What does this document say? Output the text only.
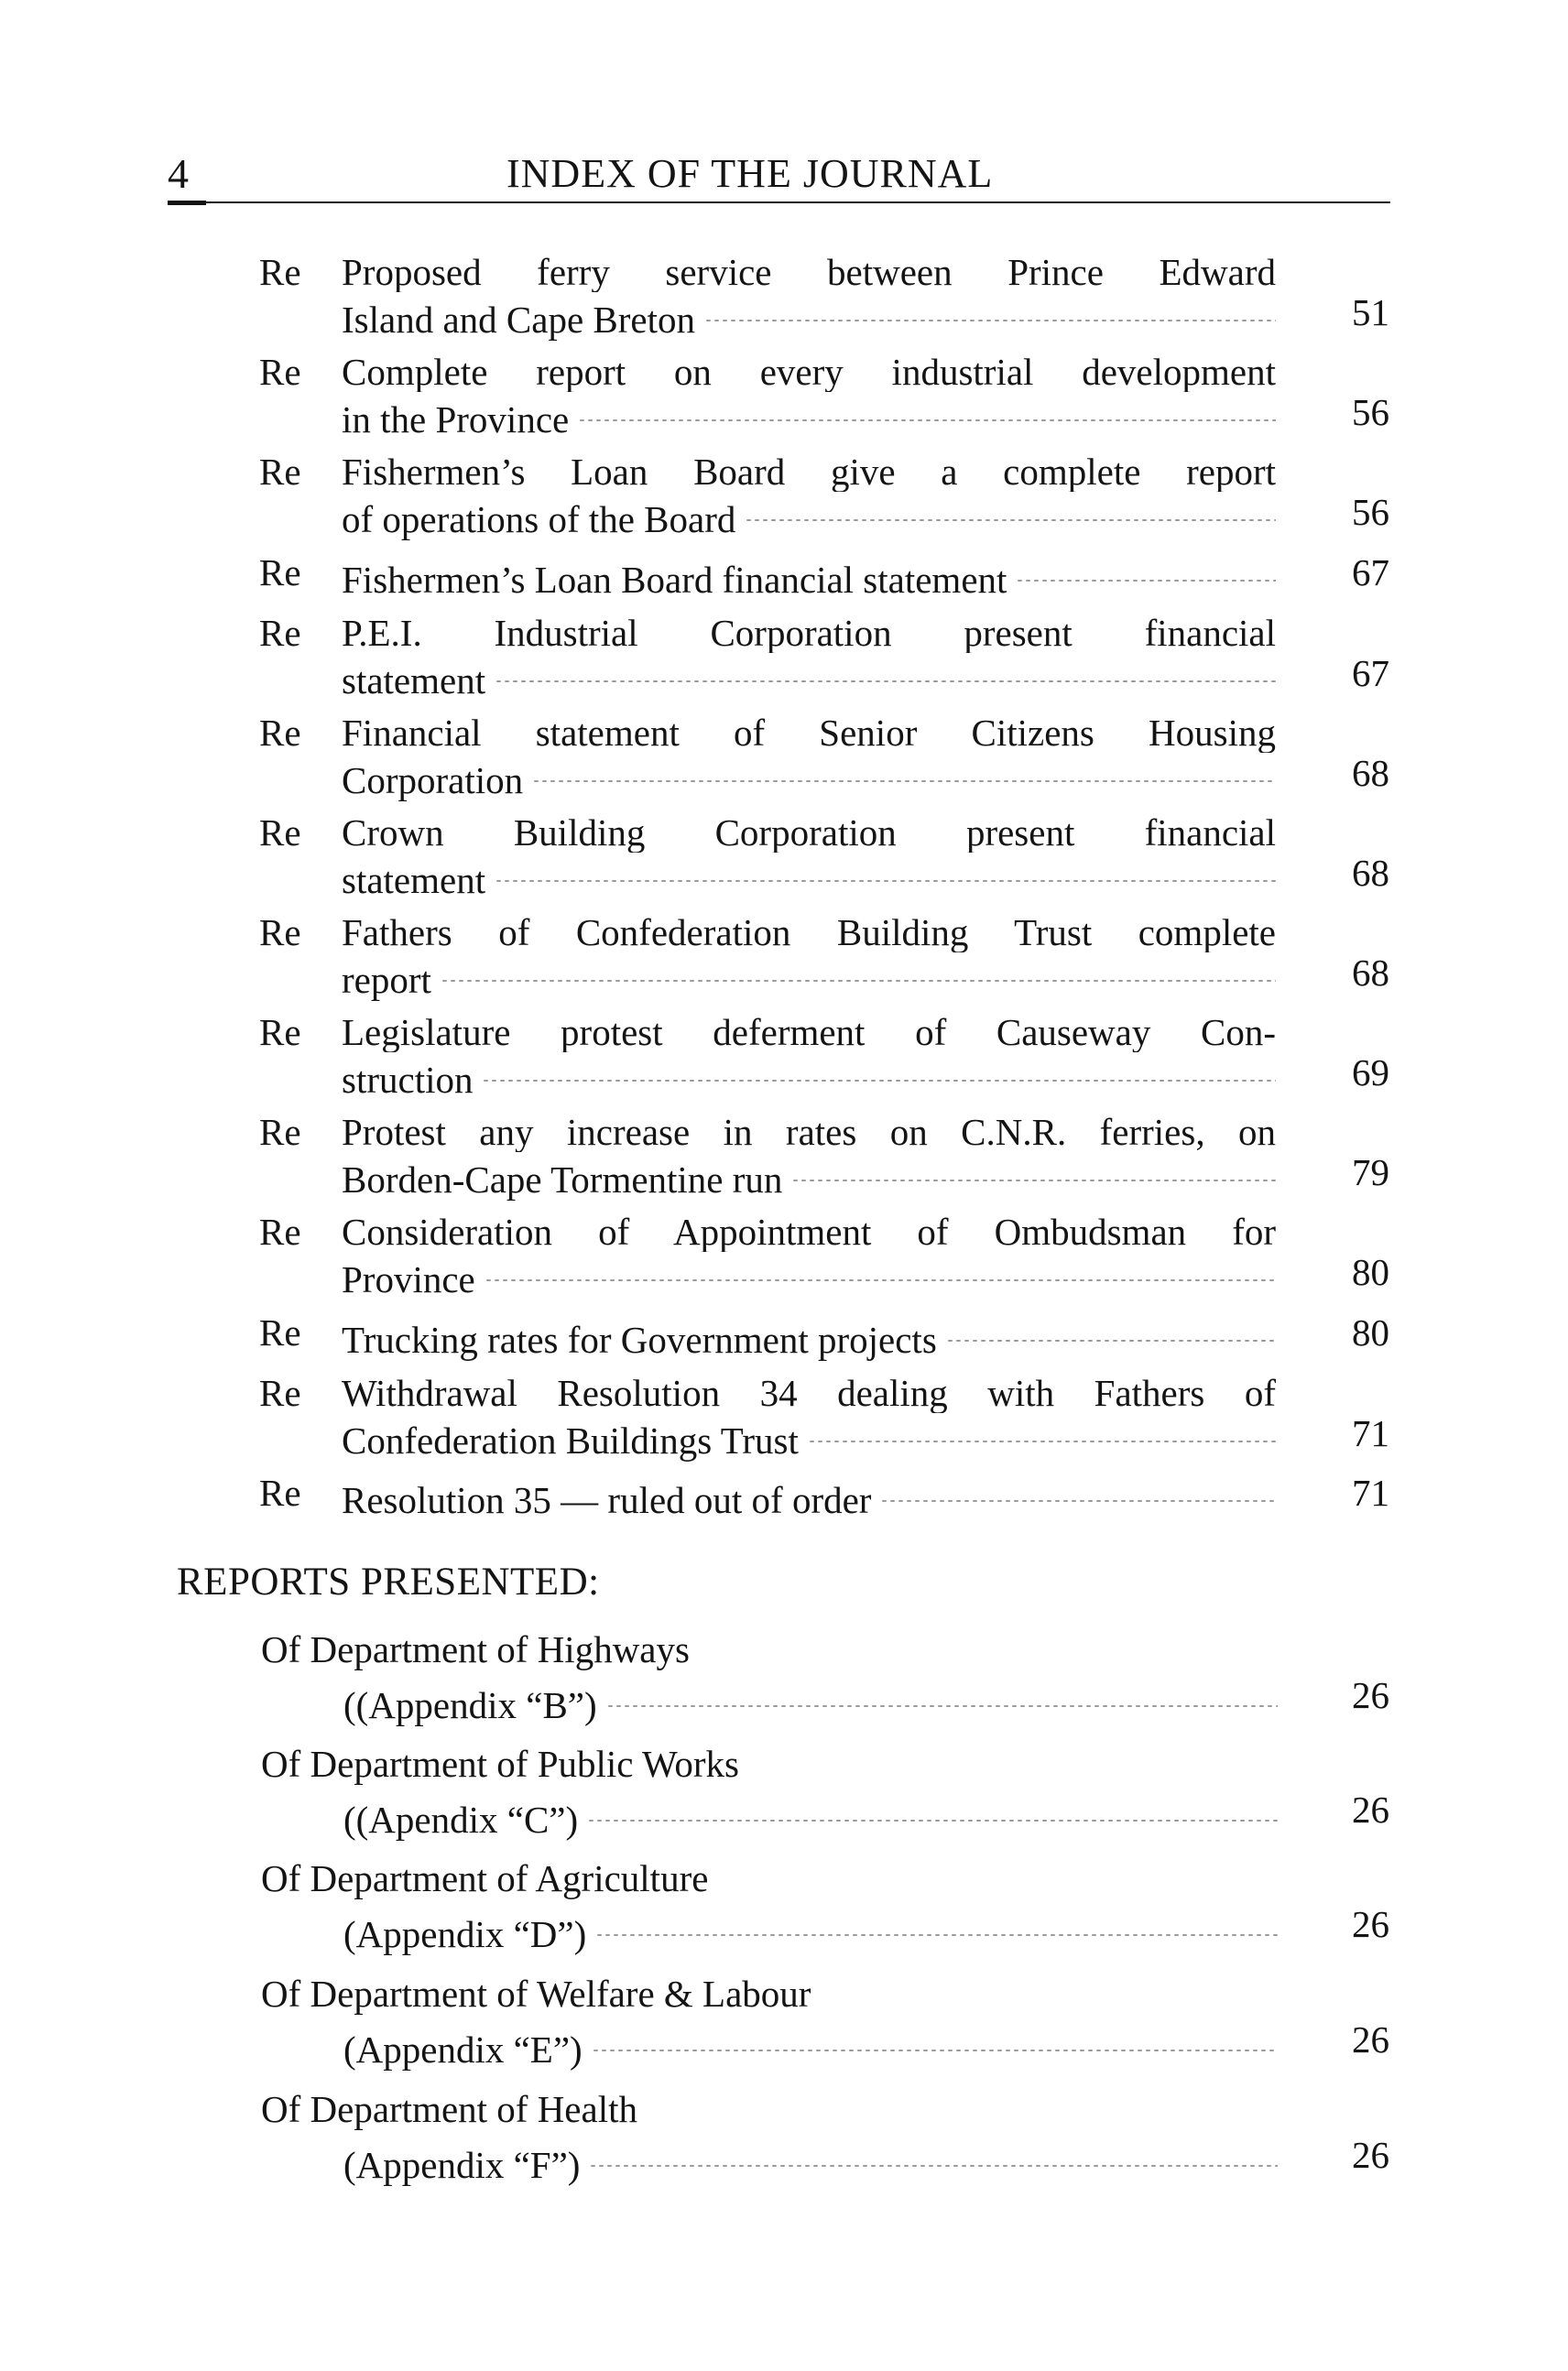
4	INDEX OF THE JOURNAL
Re Proposed ferry service between Prince Edward
Island and Cape Breton	51
Re Complete report on every industrial development
in the Province	56
Re Fishermen’s Loan Board give a complete report
of operations of the Board	56
Re Fishermen’s Loan Board financial statement	67
Re P.E.I. Industrial Corporation present financial
statement	67
Re Financial statement of Senior Citizens Housing
Corporation	68
Re Crown Building Corporation present financial
statement	68
Re Fathers of Confederation Building Trust complete
report	68
Re Legislature protest deferment of Causeway Con-
struction	69
Re Protest any increase in rates on C.N.R. ferries, on
Borden-Cape Tormentine run	79
Re Consideration of Appointment of Ombudsman for
Province	80
Re Trucking rates for Government projects	80
Re Withdrawal Resolution 34 dealing with Fathers of
Confederation Buildings Trust	71
Re Resolution 35 — ruled out of order	71
REPORTS PRESENTED:
Of Department of Highways
((Appendix “B”)	26
Of Department of Public Works
((Apendix “C”)	26
Of Department of Agriculture
(Appendix “D”)	26
Of Department of Welfare & Labour
(Appendix “E”)	26
Of Department of Health
(Appendix “F”)	26
